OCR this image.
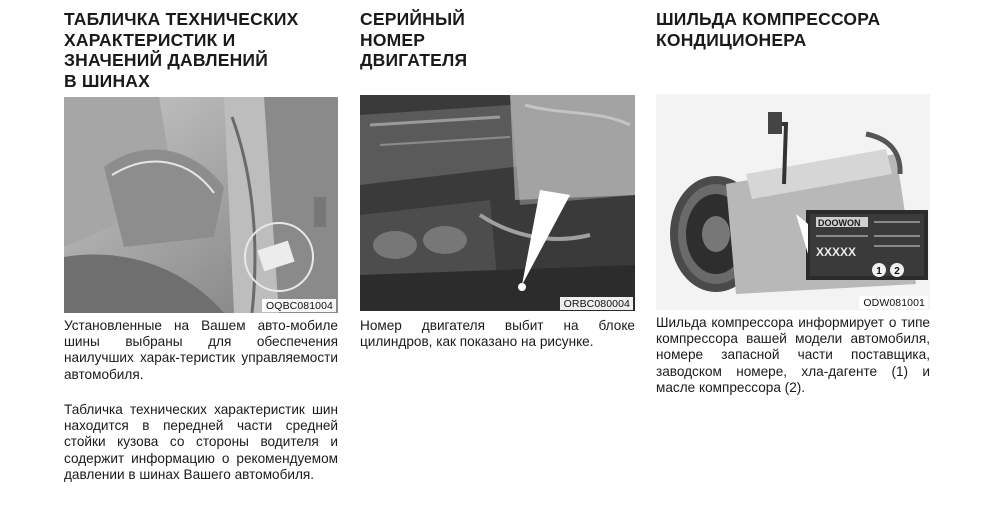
ТАБЛИЧКА ТЕХНИЧЕСКИХ
ХАРАКТЕРИСТИК И
ЗНАЧЕНИЙ ДАВЛЕНИЙ
В ШИНАХ
OQBC081004

Установленные на Вашем авто-мобиле шины выбраны для обеспечения наилучших харак-теристик управляемости автомобиля.

Табличка технических характеристик шин находится в передней части средней стойки кузова со стороны водителя и содержит информацию о рекомендуемом давлении в шинах Вашего автомобиля.

СЕРИЙНЫЙ
НОМЕР
ДВИГАТЕЛЯ
ORBC080004

Номер двигателя выбит на блоке цилиндров, как показано на рисунке.

ШИЛЬДА КОМПРЕССОРА
КОНДИЦИОНЕРА
DOOWON
XXXXX
1 2
ODW081001

Шильда компрессора информирует о типе компрессора вашей модели автомобиля, номере запасной части поставщика, заводском номере, хла-дагенте (1) и масле компрессора (2).
